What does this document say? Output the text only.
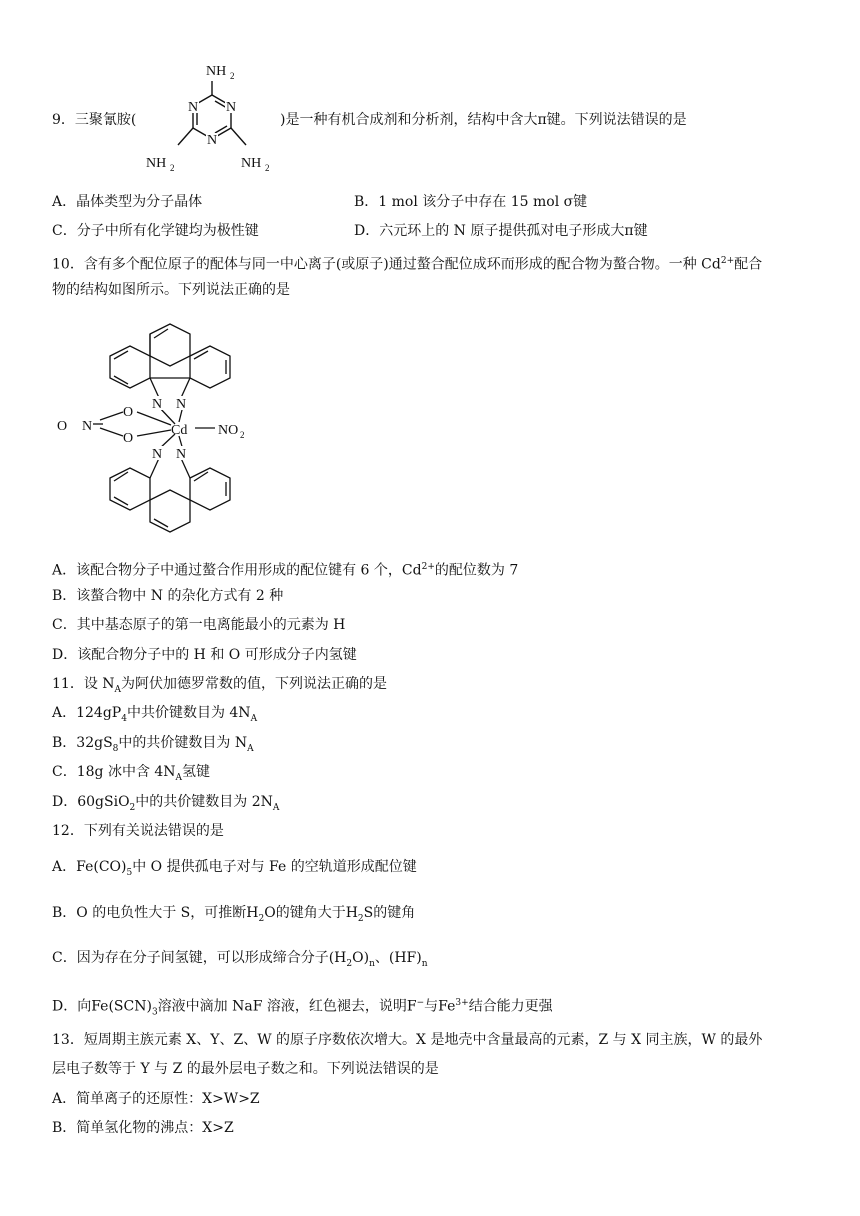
9．三聚氰胺(
NH 2
N
N
N
NH 2	NH 2
)是一种有机合成剂和分析剂，结构中含大π键。下列说法错误的是
A．晶体类型为分子晶体	B．1 mol 该分子中存在 15 mol σ键
C．分子中所有化学键均为极性键	D．六元环上的 N 原子提供孤对电子形成大π键
10．含有多个配位原子的配体与同一中心离子(或原子)通过螯合配位成环而形成的配合物为螯合物。一种 $Cd^{2+}$配合
物的结构如图所示。下列说法正确的是
N N
N N
Cd NO 2
O N
O
O
A．该配合物分子中通过螯合作用形成的配位键有 6 个，$Cd^{2+}$的配位数为 7
B．该螯合物中 N 的杂化方式有 2 种
C．其中基态原子的第一电离能最小的元素为 H
D．该配合物分子中的 H 和 O 可形成分子内氢键
11．设 $N_A$为阿伏加德罗常数的值，下列说法正确的是
A．$124gP_4$中共价键数目为 $4N_A$
B．$32gS_8$中的共价键数目为 $N_A$
C．18g 冰中含 $4N_A$氢键
D．60gSiO$_2$中的共价键数目为 $2N_A$
12．下列有关说法错误的是
A．$Fe(CO)_5$中 O 提供孤电子对与 Fe 的空轨道形成配位键
B．O 的电负性大于 S，可推断$H_2O$的键角大于$H_2S$的键角
C．因为存在分子间氢键，可以形成缔合分子$(H_2O)_n$、$(HF)_n$
D．向$Fe(SCN)_3$溶液中滴加 NaF 溶液，红色褪去，说明F−与$Fe^{3+}$结合能力更强
13．短周期主族元素 X、Y、Z、W 的原子序数依次增大。X 是地壳中含量最高的元素，Z 与 X 同主族，W 的最外
层电子数等于 Y 与 Z 的最外层电子数之和。下列说法错误的是
A．简单离子的还原性：X>W>Z
B．简单氢化物的沸点：X>Z
